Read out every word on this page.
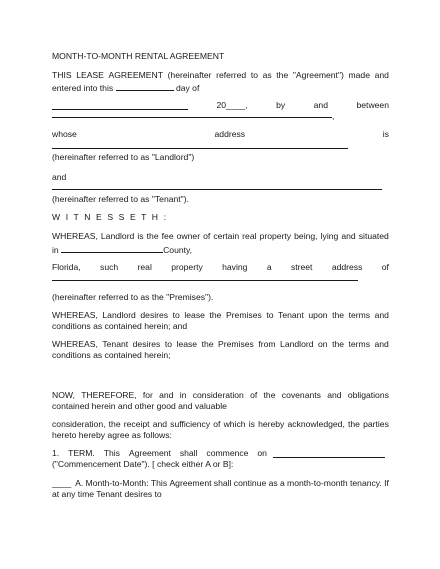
MONTH-TO-MONTH RENTAL AGREEMENT
THIS LEASE AGREEMENT (hereinafter referred to as the "Agreement") made and
entered into this	day of
20____,	by	and	between
,
whose	address	is
(hereinafter referred to as "Landlord")
and
(hereinafter referred to as "Tenant").
W I T N E S S E T H :
WHEREAS, Landlord is the fee owner of certain real property being, lying and situated
in	County,
Florida, such real property having a street address of
(hereinafter referred to as the "Premises").
WHEREAS, Landlord desires to lease the Premises to Tenant upon the terms and
conditions as contained herein; and
WHEREAS, Tenant desires to lease the Premises from Landlord on the terms and
conditions as contained herein;
NOW, THEREFORE, for and in consideration of the covenants and obligations
contained herein and other good and valuable
consideration, the receipt and sufficiency of which is hereby acknowledged, the parties
hereto hereby agree as follows:
1. TERM. This Agreement shall commence on
("Commencement Date"). [ check either A or B]:
____ A. Month-to-Month: This Agreement shall continue as a month-to-month tenancy. If
at any time Tenant desires to
